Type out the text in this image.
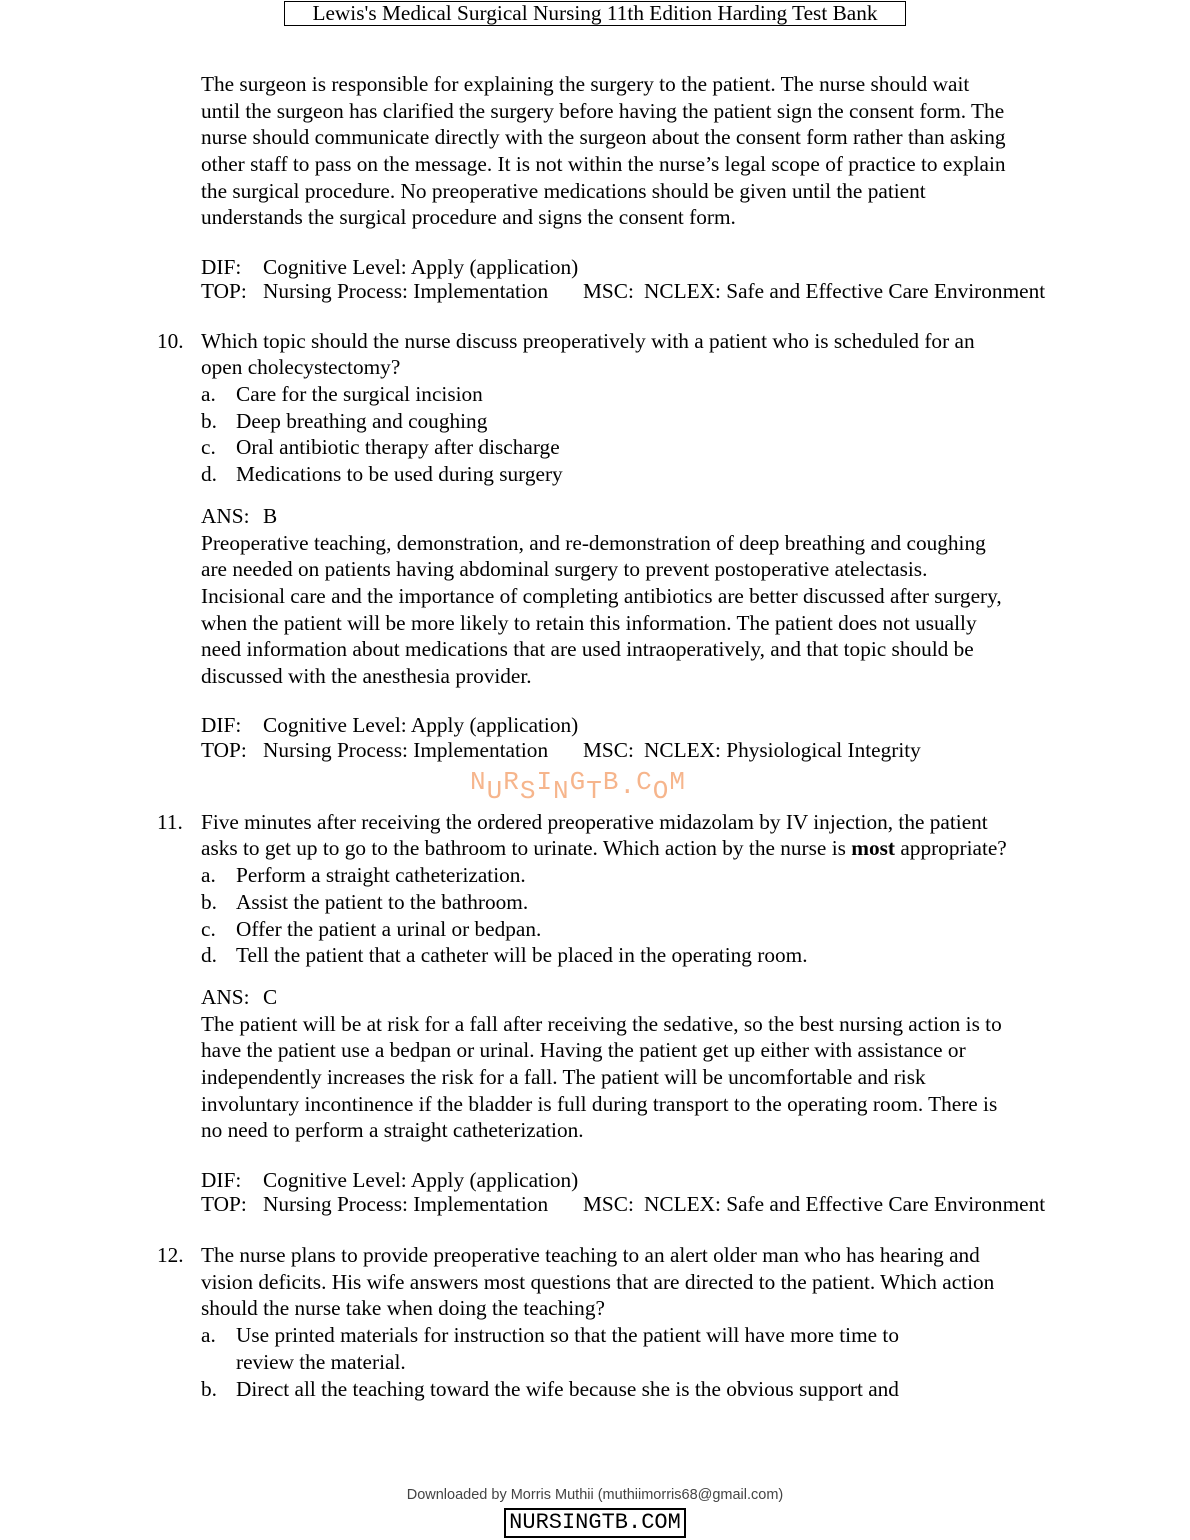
Lewis's Medical Surgical Nursing 11th Edition Harding Test Bank
The surgeon is responsible for explaining the surgery to the patient. The nurse should wait
until the surgeon has clarified the surgery before having the patient sign the consent form. The
nurse should communicate directly with the surgeon about the consent form rather than asking
other staff to pass on the message. It is not within the nurse’s legal scope of practice to explain
the surgical procedure. No preoperative medications should be given until the patient
understands the surgical procedure and signs the consent form.
DIF: Cognitive Level: Apply (application)
TOP: Nursing Process: Implementation MSC: NCLEX: Safe and Effective Care Environment
10. Which topic should the nurse discuss preoperatively with a patient who is scheduled for an
open cholecystectomy?
a. Care for the surgical incision
b. Deep breathing and coughing
c. Oral antibiotic therapy after discharge
d. Medications to be used during surgery
ANS: B
Preoperative teaching, demonstration, and re-demonstration of deep breathing and coughing
are needed on patients having abdominal surgery to prevent postoperative atelectasis.
Incisional care and the importance of completing antibiotics are better discussed after surgery,
when the patient will be more likely to retain this information. The patient does not usually
need information about medications that are used intraoperatively, and that topic should be
discussed with the anesthesia provider.
DIF: Cognitive Level: Apply (application)
TOP: Nursing Process: Implementation MSC: NCLEX: Physiological Integrity
NURSINGTB.COM
11. Five minutes after receiving the ordered preoperative midazolam by IV injection, the patient
asks to get up to go to the bathroom to urinate. Which action by the nurse is most appropriate?
a. Perform a straight catheterization.
b. Assist the patient to the bathroom.
c. Offer the patient a urinal or bedpan.
d. Tell the patient that a catheter will be placed in the operating room.
ANS: C
The patient will be at risk for a fall after receiving the sedative, so the best nursing action is to
have the patient use a bedpan or urinal. Having the patient get up either with assistance or
independently increases the risk for a fall. The patient will be uncomfortable and risk
involuntary incontinence if the bladder is full during transport to the operating room. There is
no need to perform a straight catheterization.
DIF: Cognitive Level: Apply (application)
TOP: Nursing Process: Implementation MSC: NCLEX: Safe and Effective Care Environment
12. The nurse plans to provide preoperative teaching to an alert older man who has hearing and
vision deficits. His wife answers most questions that are directed to the patient. Which action
should the nurse take when doing the teaching?
a. Use printed materials for instruction so that the patient will have more time to
review the material.
b. Direct all the teaching toward the wife because she is the obvious support and
Downloaded by Morris Muthii (muthiimorris68@gmail.com)
NURSINGTB.COM
